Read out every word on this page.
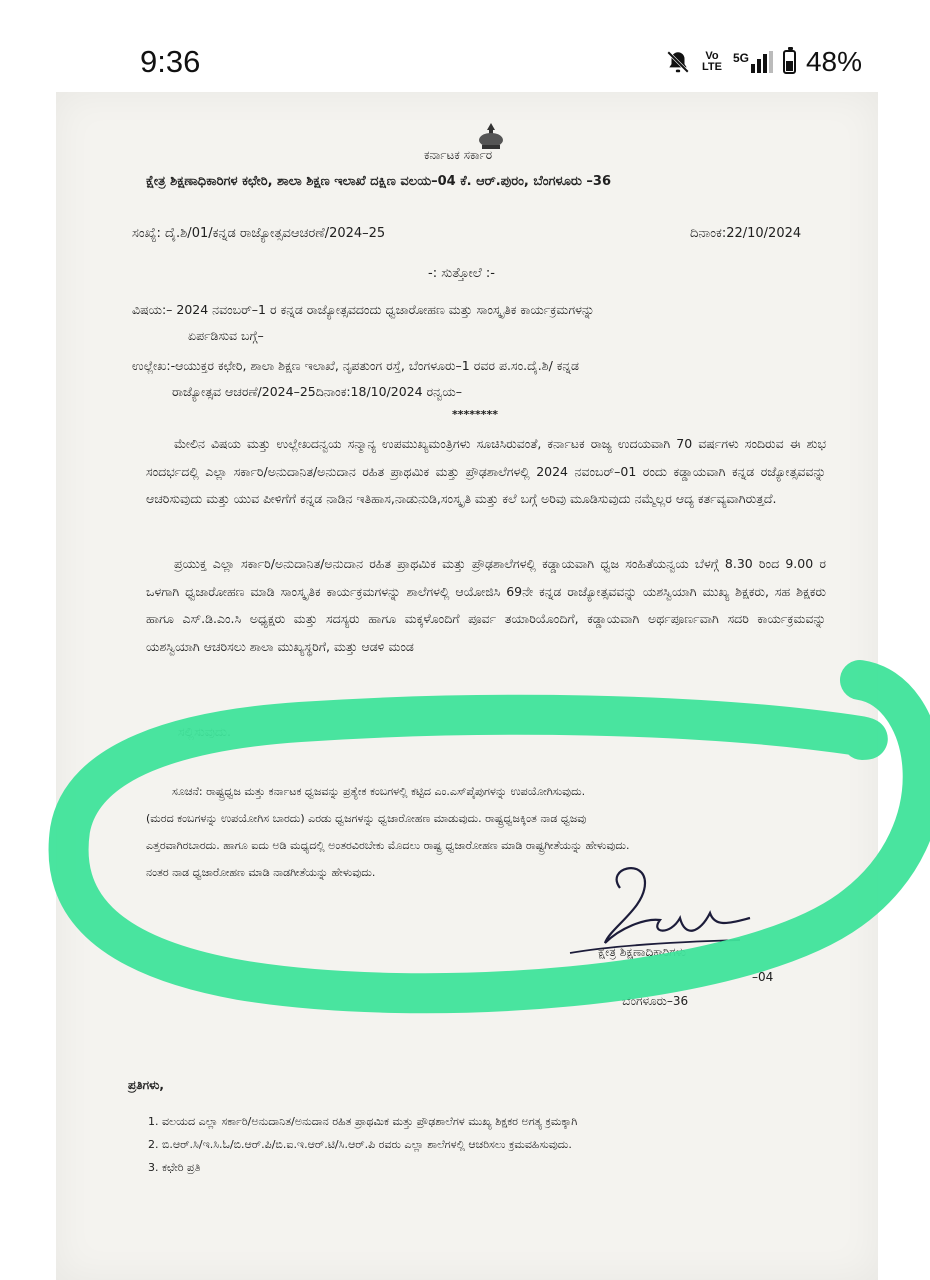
9:36	Vo LTE
5G 48%
ಕರ್ನಾಟಕ ಸರ್ಕಾರ
ಕ್ಷೇತ್ರ ಶಿಕ್ಷಣಾಧಿಕಾರಿಗಳ ಕಛೇರಿ, ಶಾಲಾ ಶಿಕ್ಷಣ ಇಲಾಖೆ ದಕ್ಷಿಣ ವಲಯ–04 ಕೆ. ಆರ್.ಪುರಂ, ಬೆಂಗಳೂರು –36
ಸಂಖ್ಯೆ: ದೈ.ಶಿ/01/ಕನ್ನಡ ರಾಜ್ಯೋತ್ಸವಆಚರಣೆ/2024–25	ದಿನಾಂಕ:22/10/2024
-: ಸುತ್ತೋಲೆ :-
ವಿಷಯ:– 2024 ನವಂಬರ್–1 ರ ಕನ್ನಡ ರಾಜ್ಯೋತ್ಸವದಂದು ಧ್ವಜಾರೋಹಣ ಮತ್ತು ಸಾಂಸ್ಕೃತಿಕ ಕಾರ್ಯಕ್ರಮಗಳನ್ನು
ಏರ್ಪಡಿಸುವ ಬಗ್ಗೆ–
ಉಲ್ಲೇಖ:-ಆಯುಕ್ತರ ಕಛೇರಿ, ಶಾಲಾ ಶಿಕ್ಷಣ ಇಲಾಖೆ, ನೃಪತುಂಗ ರಸ್ತೆ, ಬೆಂಗಳೂರು–1 ರವರ ಪ.ಸಂ.ದೈ.ಶಿ/ ಕನ್ನಡ
ರಾಜ್ಯೋತ್ಸವ ಆಚರಣೆ/2024–25ದಿನಾಂಕ:18/10/2024 ರನ್ವಯ–
********

ಮೇಲಿನ ವಿಷಯ ಮತ್ತು ಉಲ್ಲೇಖದನ್ವಯ ಸನ್ಮಾನ್ಯ ಉಪಮುಖ್ಯಮಂತ್ರಿಗಳು ಸೂಚಿಸಿರುವಂತೆ, ಕರ್ನಾಟಕ ರಾಜ್ಯ ಉದಯವಾಗಿ 70 ವರ್ಷಗಳು ಸಂದಿರುವ ಈ ಶುಭ ಸಂದರ್ಭದಲ್ಲಿ ಎಲ್ಲಾ ಸರ್ಕಾರಿ/ಅನುದಾನಿತ/ಅನುದಾನ ರಹಿತ ಪ್ರಾಥಮಿಕ ಮತ್ತು ಪ್ರೌಢಶಾಲೆಗಳಲ್ಲಿ 2024 ನವಂಬರ್–01 ರಂದು ಕಡ್ಡಾಯವಾಗಿ ಕನ್ನಡ ರಜ್ಯೋತ್ಸವವನ್ನು ಆಚರಿಸುವುದು ಮತ್ತು ಯುವ ಪೀಳಿಗೆಗೆ ಕನ್ನಡ ನಾಡಿನ ಇತಿಹಾಸ,ನಾಡುನುಡಿ,ಸಂಸ್ಕೃತಿ ಮತ್ತು ಕಲೆ ಬಗ್ಗೆ ಅರಿವು ಮೂಡಿಸುವುದು ನಮ್ಮೆಲ್ಲರ ಆದ್ಯ ಕರ್ತವ್ಯವಾಗಿರುತ್ತದೆ.

ಪ್ರಯುಕ್ತ ಎಲ್ಲಾ ಸರ್ಕಾರಿ/ಅನುದಾನಿತ/ಅನುದಾನ ರಹಿತ ಪ್ರಾಥಮಿಕ ಮತ್ತು ಪ್ರೌಢಶಾಲೆಗಳಲ್ಲಿ ಕಡ್ಡಾಯವಾಗಿ ಧ್ವಜ ಸಂಹಿತೆಯನ್ವಯ ಬೆಳಗ್ಗೆ 8.30 ರಿಂದ 9.00 ರ ಒಳಗಾಗಿ ಧ್ವಜಾರೋಹಣ ಮಾಡಿ ಸಾಂಸ್ಕೃತಿಕ ಕಾರ್ಯಕ್ರಮಗಳನ್ನು ಶಾಲೆಗಳಲ್ಲಿ ಆಯೋಜಿಸಿ 69ನೇ ಕನ್ನಡ ರಾಜ್ಯೋತ್ಸವವನ್ನು ಯಶಸ್ವಿಯಾಗಿ ಮುಖ್ಯ ಶಿಕ್ಷಕರು, ಸಹ ಶಿಕ್ಷಕರು ಹಾಗೂ ಎಸ್.ಡಿ.ಎಂ.ಸಿ ಅಧ್ಯಕ್ಷರು ಮತ್ತು ಸದಸ್ಯರು ಹಾಗೂ ಮಕ್ಕಳೊಂದಿಗೆ ಪೂರ್ವ ತಯಾರಿಯೊಂದಿಗೆ, ಕಡ್ಡಾಯವಾಗಿ ಅರ್ಥಪೂರ್ಣವಾಗಿ ಸದರಿ ಕಾರ್ಯಕ್ರಮವನ್ನು ಯಶಸ್ವಿಯಾಗಿ ಆಚರಿಸಲು ಶಾಲಾ ಮುಖ್ಯಸ್ಥರಿಗೆ, ಮತ್ತು ಆಡಳಿ ಮಂಡ

ಸಲ್ಲಿಸುವುದು.
ಸೂಚನೆ: ರಾಷ್ಟ್ರಧ್ವಜ ಮತ್ತು ಕರ್ನಾಟಕ ಧ್ವಜವನ್ನು ಪ್ರತ್ಯೇಕ ಕಂಬಗಳಲ್ಲಿ ಕಟ್ಟಿದ ಎಂ.ಎಸ್‌ಪೈಪುಗಳನ್ನು ಉಪಯೋಗಿಸುವುದು.
(ಮರದ ಕಂಬಗಳನ್ನು ಉಪಯೋಗಿಸ ಬಾರದು) ಎರಡು ಧ್ವಜಗಳನ್ನು ಧ್ವಜಾರೋಹಣ ಮಾಡುವುದು. ರಾಷ್ಟ್ರಧ್ವಜಕ್ಕಿಂತ ನಾಡ ಧ್ವಜವು
ಎತ್ತರವಾಗಿರಬಾರದು. ಹಾಗೂ ಐದು ಅಡಿ ಮಧ್ಯದಲ್ಲಿ ಅಂತರವಿರಬೇಕು ಮೊದಲು ರಾಷ್ಟ್ರ ಧ್ವಜಾರೋಹಣ ಮಾಡಿ ರಾಷ್ಟ್ರಗೀತೆಯನ್ನು ಹೇಳುವುದು.
ನಂತರ ನಾಡ ಧ್ವಜಾರೋಹಣ ಮಾಡಿ ನಾಡಗೀತೆಯನ್ನು ಹೇಳುವುದು.
ಕ್ಷೇತ್ರ ಶಿಕ್ಷಣಾಧಿಕಾರಿಗಳು
–04
ಬೆಂಗಳೂರು–36
ಪ್ರತಿಗಳು,
1. ವಲಯದ ಎಲ್ಲಾ ಸರ್ಕಾರಿ/ಅನುದಾನಿತ/ಅನುದಾನ ರಹಿತ ಪ್ರಾಥಮಿಕ ಮತ್ತು ಪ್ರೌಢಶಾಲೆಗಳ ಮುಖ್ಯ ಶಿಕ್ಷಕರ ಅಗತ್ಯ ಕ್ರಮಕ್ಕಾಗಿ
2. ಬಿ.ಆರ್.ಸಿ/ಇ.ಸಿ.ಓ/ಬಿ.ಆರ್.ಪಿ/ಬಿ.ಐ.ಇ.ಆರ್.ಟಿ/ಸಿ.ಆರ್.ಪಿ ರವರು ಎಲ್ಲಾ ಶಾಲೆಗಳಲ್ಲಿ ಆಚರಿಸಲು ಕ್ರಮವಹಿಸುವುದು.
3. ಕಛೇರಿ ಪ್ರತಿ
